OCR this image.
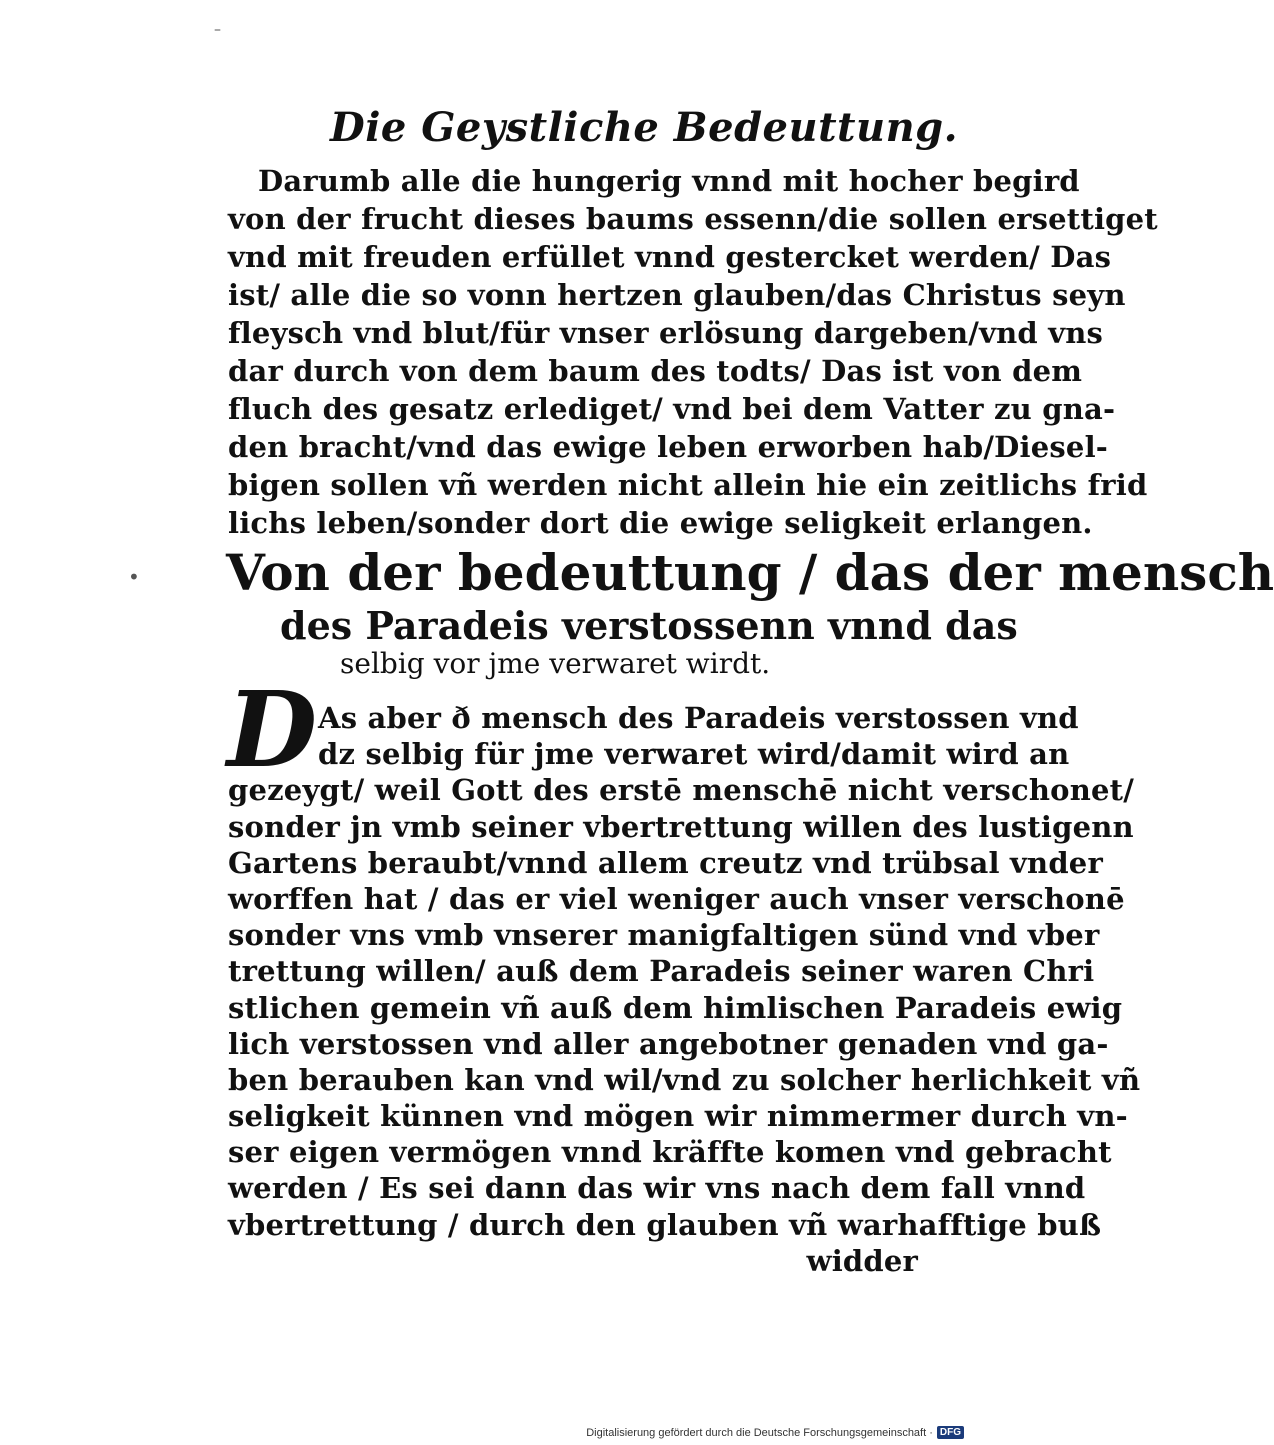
Die Geystliche Bedeuttung.
Darumb alle die hungerig vnnd mit hocher begird
von der frucht dieses baums essenn/die sollen ersettiget
vnd mit freuden erfüllet vnnd gestercket werden/ Das
ist/ alle die so vonn hertzen glauben/das Christus seyn
fleysch vnd blut/für vnser erlösung dargeben/vnd vns
dar durch von dem baum des todts/ Das ist von dem
fluch des gesatz erlediget/ vnd bei dem Vatter zu gna-
den bracht/vnd das ewige leben erworben hab/Diesel-
bigen sollen vñ werden nicht allein hie ein zeitlichs frid
lichs leben/sonder dort die ewige seligkeit erlangen.
Von der bedeuttung / das der mensch
des Paradeis verstossenn vnnd das
selbig vor jme verwaret wirdt.
D As aber ð mensch des Paradeis verstossen vnd
dz selbig für jme verwaret wird/damit wird an
gezeygt/ weil Gott des erstē menschē nicht verschonet/
sonder jn vmb seiner vbertrettung willen des lustigenn
Gartens beraubt/vnnd allem creutz vnd trübsal vnder
worffen hat / das er viel weniger auch vnser verschonē
sonder vns vmb vnserer manigfaltigen sünd vnd vber
trettung willen/ auß dem Paradeis seiner waren Chri
stlichen gemein vñ auß dem himlischen Paradeis ewig
lich verstossen vnd aller angebotner genaden vnd ga-
ben berauben kan vnd wil/vnd zu solcher herlichkeit vñ
seligkeit künnen vnd mögen wir nimmermer durch vn-
ser eigen vermögen vnnd kräffte komen vnd gebracht
werden / Es sei dann das wir vns nach dem fall vnnd
vbertrettung / durch den glauben vñ warhafftige buß
widder
•
–
Digitalisierung gefördert durch die Deutsche Forschungsgemeinschaft · DFG
